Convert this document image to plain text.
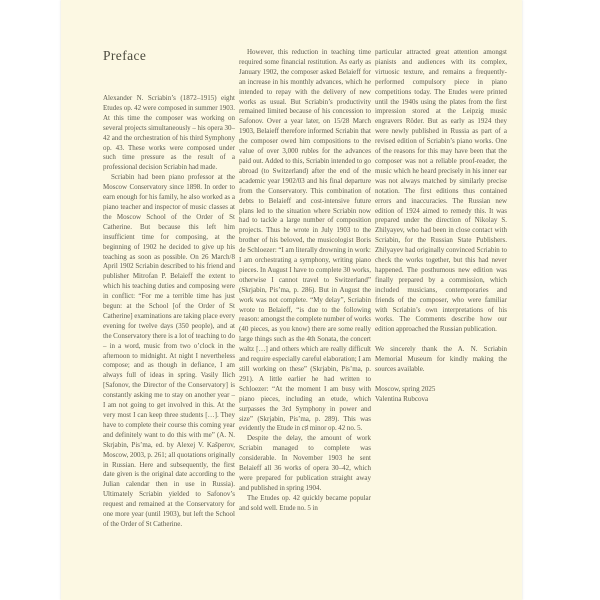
Preface

Alexander N. Scriabin’s (1872–1915) eight Etudes op. 42 were composed in summer 1903. At this time the composer was working on several projects simultaneously – his opera 30–42 and the orchestration of his third Symphony op. 43. These works were composed under such time pressure as the result of a professional decision Scriabin had made.

Scriabin had been piano professor at the Moscow Conservatory since 1898. In order to earn enough for his family, he also worked as a piano teacher and inspector of music classes at the Moscow School of the Order of St Catherine. But because this left him insufficient time for composing, at the beginning of 1902 he decided to give up his teaching as soon as possible. On 26 March/8 April 1902 Scriabin described to his friend and publisher Mitrofan P. Belaieff the extent to which his teaching duties and composing were in conflict: “For me a terrible time has just begun: at the School [of the Order of St Catherine] examinations are taking place every evening for twelve days (350 people), and at the Conservatory there is a lot of teaching to do – in a word, music from two o’clock in the afternoon to midnight. At night I nevertheless compose; and as though in defiance, I am always full of ideas in spring. Vasily Ilich [Safonov, the Director of the Conservatory] is constantly asking me to stay on another year – I am not going to get involved in this. At the very most I can keep three students […]. They have to complete their course this coming year and definitely want to do this with me” (A. N. Skrjabin, Pis’ma, ed. by Alexej V. Kašperov, Moscow, 2003, p. 261; all quotations originally in Russian. Here and subsequently, the first date given is the original date according to the Julian calendar then in use in Russia). Ultimately Scriabin yielded to Safonov’s request and remained at the Conservatory for one more year (until 1903), but left the School of the Order of St Catherine.

However, this reduction in teaching time required some financial restitution. As early as January 1902, the composer asked Belaieff for an increase in his monthly advances, which he intended to repay with the delivery of new works as usual. But Scriabin’s productivity remained limited because of his concession to Safonov. Over a year later, on 15/28 March 1903, Belaieff therefore informed Scriabin that the composer owed him compositions to the value of over 3,000 rubles for the advances paid out. Added to this, Scriabin intended to go abroad (to Switzerland) after the end of the academic year 1902/03 and his final departure from the Conservatory. This combination of debts to Belaieff and cost-intensive future plans led to the situation where Scriabin now had to tackle a large number of composition projects. Thus he wrote in July 1903 to the brother of his beloved, the musicologist Boris de Schloezer: “I am literally drowning in work: I am orchestrating a symphony, writing piano pieces. In August I have to complete 30 works, otherwise I cannot travel to Switzerland” (Skrjabin, Pis’ma, p. 286). But in August the work was not complete. “My delay”, Scriabin wrote to Belaieff, “is due to the following reason: amongst the complete number of works (40 pieces, as you know) there are some really large things such as the 4th Sonata, the concert waltz […] and others which are really difficult and require especially careful elaboration; I am still working on these” (Skrjabin, Pis’ma, p. 291). A little earlier he had written to Schloezer: “At the moment I am busy with piano pieces, including an etude, which surpasses the 3rd Symphony in power and size” (Skrjabin, Pis’ma, p. 289). This was evidently the Etude in c♯ minor op. 42 no. 5.

Despite the delay, the amount of work Scriabin managed to complete was considerable. In November 1903 he sent Belaieff all 36 works of opera 30–42, which were prepared for publication straight away and published in spring 1904.

The Etudes op. 42 quickly became popular and sold well. Etude no. 5 in

particular attracted great attention amongst pianists and audiences with its complex, virtuosic texture, and remains a frequently-performed compulsory piece in piano competitions today. The Etudes were printed until the 1940s using the plates from the first impression stored at the Leipzig music engravers Röder. But as early as 1924 they were newly published in Russia as part of a revised edition of Scriabin’s piano works. One of the reasons for this may have been that the composer was not a reliable proof-reader, the music which he heard precisely in his inner ear was not always matched by similarly precise notation. The first editions thus contained errors and inaccuracies. The Russian new edition of 1924 aimed to remedy this. It was prepared under the direction of Nikolay S. Zhilyayev, who had been in close contact with Scriabin, for the Russian State Publishers. Zhilyayev had originally convinced Scriabin to check the works together, but this had never happened. The posthumous new edition was finally prepared by a commission, which included musicians, contemporaries and friends of the composer, who were familiar with Scriabin’s own interpretations of his works. The Comments describe how our edition approached the Russian publication.

We sincerely thank the A. N. Scriabin Memorial Museum for kindly making the sources available.

Moscow, spring 2025

Valentina Rubcova
